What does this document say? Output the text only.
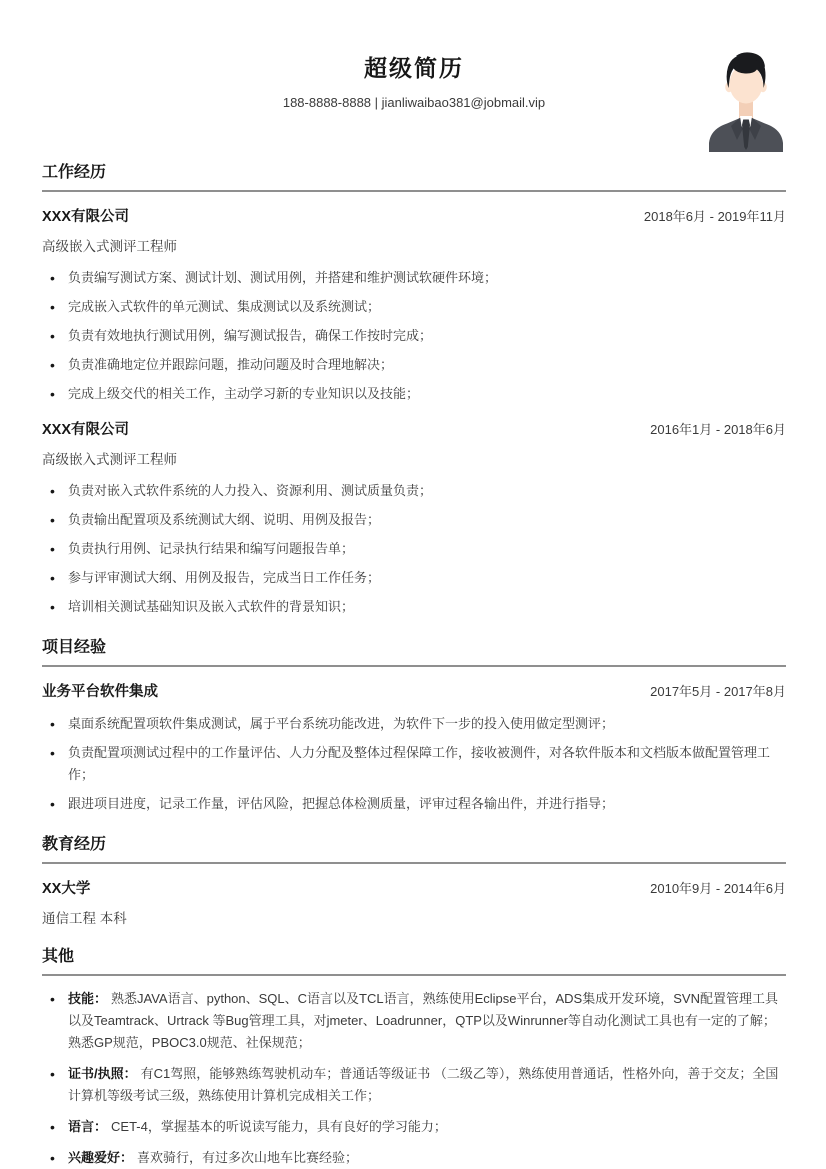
超级简历
188-8888-8888 | jianliwaibao381@jobmail.vip
工作经历
XXX有限公司	2018年6月 - 2019年11月
高级嵌入式测评工程师
• 负责编写测试方案、测试计划、测试用例，并搭建和维护测试软硬件环境；
• 完成嵌入式软件的单元测试、集成测试以及系统测试；
• 负责有效地执行测试用例，编写测试报告，确保工作按时完成；
• 负责准确地定位并跟踪问题，推动问题及时合理地解决；
• 完成上级交代的相关工作，主动学习新的专业知识以及技能；
XXX有限公司	2016年1月 - 2018年6月
高级嵌入式测评工程师
• 负责对嵌入式软件系统的人力投入、资源利用、测试质量负责；
• 负责输出配置项及系统测试大纲、说明、用例及报告；
• 负责执行用例、记录执行结果和编写问题报告单；
• 参与评审测试大纲、用例及报告，完成当日工作任务；
• 培训相关测试基础知识及嵌入式软件的背景知识；
项目经验
业务平台软件集成	2017年5月 - 2017年8月
• 桌面系统配置项软件集成测试，属于平台系统功能改进，为软件下一步的投入使用做定型测评；
• 负责配置项测试过程中的工作量评估、人力分配及整体过程保障工作，接收被测件，对各软件版本和文档版本做配置管理工作；
• 跟进项目进度，记录工作量，评估风险，把握总体检测质量，评审过程各输出件，并进行指导；
教育经历
XX大学	2010年9月 - 2014年6月
通信工程 本科
其他
• 技能： 熟悉JAVA语言、python、SQL、C语言以及TCL语言，熟练使用Eclipse平台，ADS集成开发环境，SVN配置管理工具以及Teamtrack、Urtrack 等Bug管理工具，对jmeter、Loadrunner，QTP以及Winrunner等自动化测试工具也有一定的了解；熟悉GP规范，PBOC3.0规范、社保规范；
• 证书/执照： 有C1驾照，能够熟练驾驶机动车；普通话等级证书 （二级乙等），熟练使用普通话，性格外向，善于交友；全国计算机等级考试三级，熟练使用计算机完成相关工作；
• 语言： CET-4，掌握基本的听说读写能力，具有良好的学习能力；
• 兴趣爱好： 喜欢骑行，有过多次山地车比赛经验；
